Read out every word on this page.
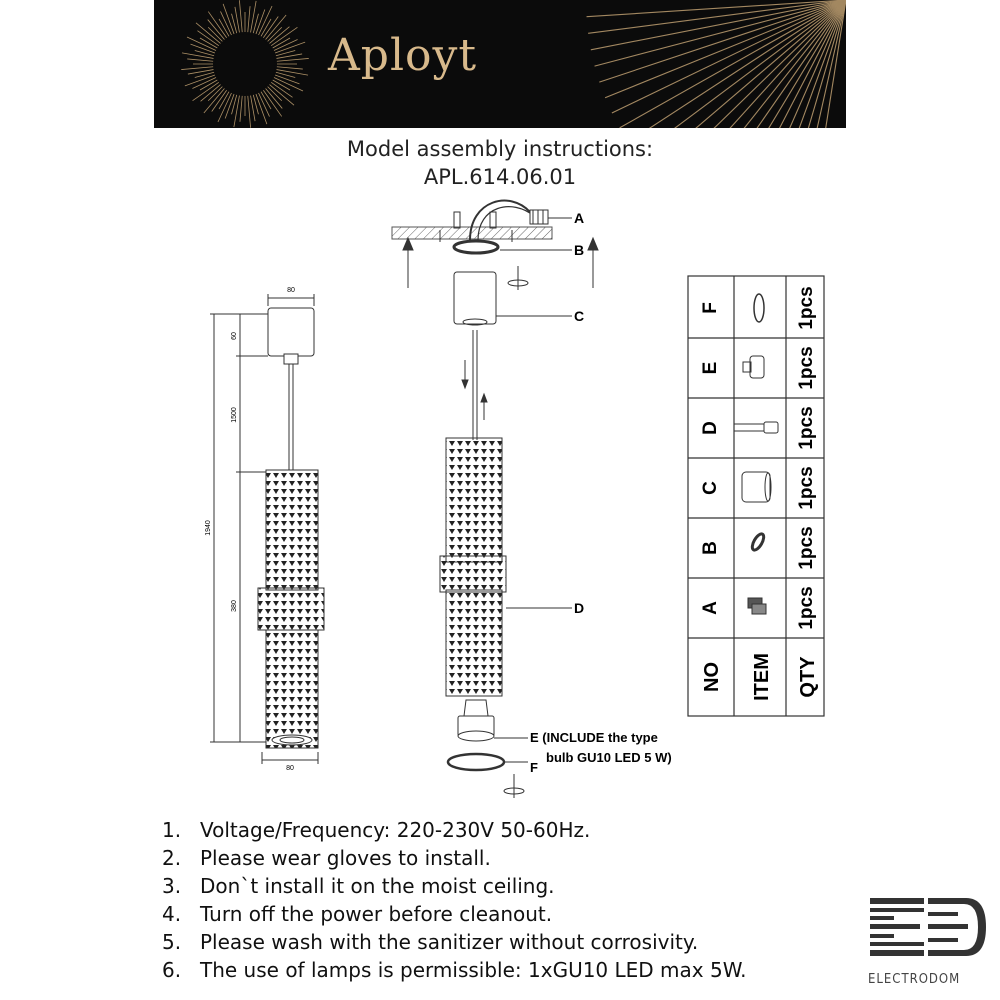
Aployt
Model assembly instructions:
APL.614.06.01
80
60
1500
1940
380
80
A
B
C
D
E (INCLUDE the type
bulb GU10 LED 5 W)
F
F	1pcs
E	1pcs
D	1pcs
C	1pcs
B	1pcs
A	1pcs
NO ITEM QTY
1. Voltage/Frequency: 220-230V 50-60Hz.
2. Please wear gloves to install.
3. Don`t install it on the moist ceiling.
4. Turn off the power before cleanout.
5. Please wash with the sanitizer without corrosivity.
6. The use of lamps is permissible: 1xGU10 LED max 5W.	ELECTRODOM
